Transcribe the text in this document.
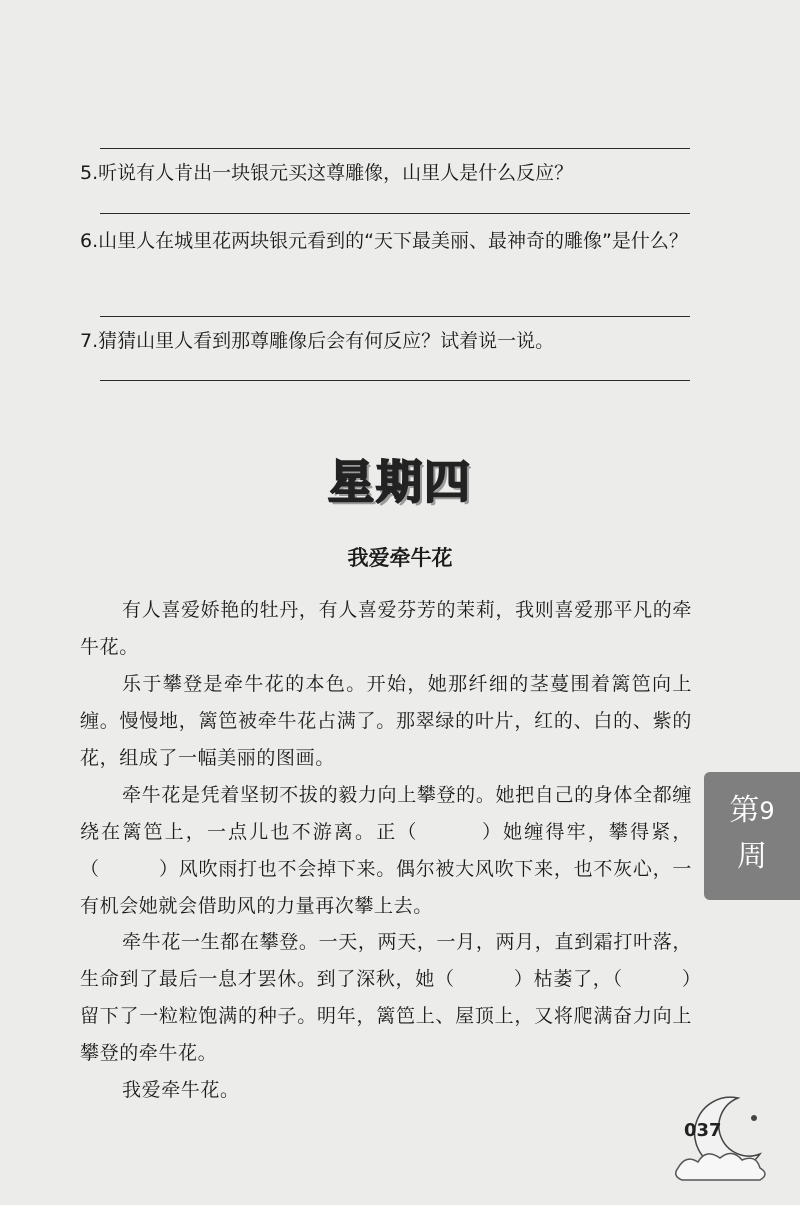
5.听说有人肯出一块银元买这尊雕像，山里人是什么反应？

6.山里人在城里花两块银元看到的“天下最美丽、最神奇的雕像”是什么？

7.猜猜山里人看到那尊雕像后会有何反应？试着说一说。

星期四
我爱牵牛花

有人喜爱娇艳的牡丹，有人喜爱芬芳的茉莉，我则喜爱那平凡的牵牛花。

乐于攀登是牵牛花的本色。开始，她那纤细的茎蔓围着篱笆向上缠。慢慢地，篱笆被牵牛花占满了。那翠绿的叶片，红的、白的、紫的花，组成了一幅美丽的图画。

牵牛花是凭着坚韧不拔的毅力向上攀登的。她把自己的身体全都缠绕在篱笆上，一点儿也不游离。正（　　　）她缠得牢，攀得紧，（　　　）风吹雨打也不会掉下来。偶尔被大风吹下来，也不灰心，一有机会她就会借助风的力量再次攀上去。

牵牛花一生都在攀登。一天，两天，一月，两月，直到霜打叶落，生命到了最后一息才罢休。到了深秋，她（　　　）枯萎了，（　　　）留下了一粒粒饱满的种子。明年，篱笆上、屋顶上，又将爬满奋力向上攀登的牵牛花。

我爱牵牛花。

第$^9$
周
037
